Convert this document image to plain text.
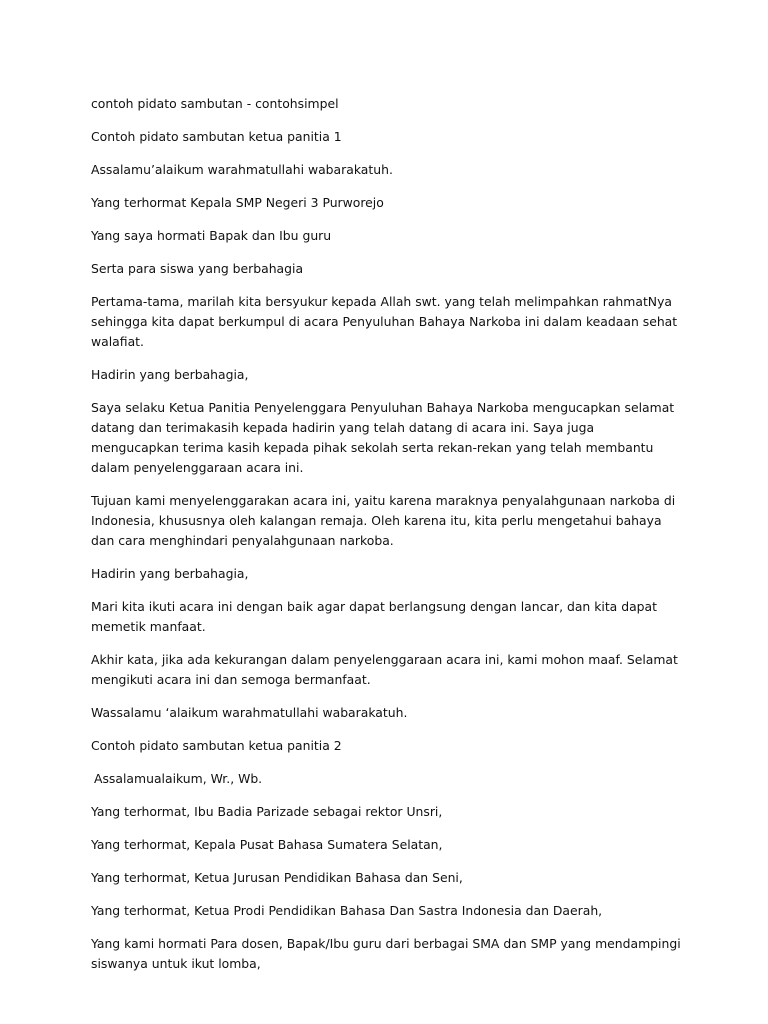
contoh pidato sambutan - contohsimpel

Contoh pidato sambutan ketua panitia 1

Assalamu’alaikum warahmatullahi wabarakatuh.

Yang terhormat Kepala SMP Negeri 3 Purworejo

Yang saya hormati Bapak dan Ibu guru

Serta para siswa yang berbahagia

Pertama-tama, marilah kita bersyukur kepada Allah swt. yang telah melimpahkan rahmatNya sehingga kita dapat berkumpul di acara Penyuluhan Bahaya Narkoba ini dalam keadaan sehat walafiat.

Hadirin yang berbahagia,

Saya selaku Ketua Panitia Penyelenggara Penyuluhan Bahaya Narkoba mengucapkan selamat datang dan terimakasih kepada hadirin yang telah datang di acara ini. Saya juga mengucapkan terima kasih kepada pihak sekolah serta rekan-rekan yang telah membantu dalam penyelenggaraan acara ini.

Tujuan kami menyelenggarakan acara ini, yaitu karena maraknya penyalahgunaan narkoba di Indonesia, khususnya oleh kalangan remaja. Oleh karena itu, kita perlu mengetahui bahaya dan cara menghindari penyalahgunaan narkoba.

Hadirin yang berbahagia,

Mari kita ikuti acara ini dengan baik agar dapat berlangsung dengan lancar, dan kita dapat memetik manfaat.

Akhir kata, jika ada kekurangan dalam penyelenggaraan acara ini, kami mohon maaf. Selamat mengikuti acara ini dan semoga bermanfaat.

Wassalamu ‘alaikum warahmatullahi wabarakatuh.

Contoh pidato sambutan ketua panitia 2

Assalamualaikum, Wr., Wb.

Yang terhormat, Ibu Badia Parizade sebagai rektor Unsri,

Yang terhormat, Kepala Pusat Bahasa Sumatera Selatan,

Yang terhormat, Ketua Jurusan Pendidikan Bahasa dan Seni,

Yang terhormat, Ketua Prodi Pendidikan Bahasa Dan Sastra Indonesia dan Daerah,

Yang kami hormati Para dosen, Bapak/Ibu guru dari berbagai SMA dan SMP yang mendampingi siswanya untuk ikut lomba,
